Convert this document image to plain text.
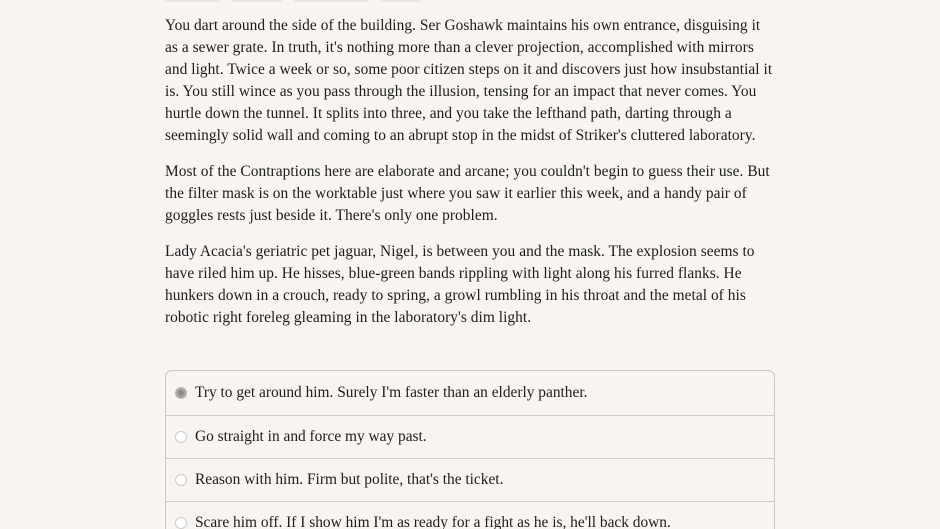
You dart around the side of the building. Ser Goshawk maintains his own entrance, disguising it as a sewer grate. In truth, it's nothing more than a clever projection, accomplished with mirrors and light. Twice a week or so, some poor citizen steps on it and discovers just how insubstantial it is. You still wince as you pass through the illusion, tensing for an impact that never comes. You hurtle down the tunnel. It splits into three, and you take the lefthand path, darting through a seemingly solid wall and coming to an abrupt stop in the midst of Striker's cluttered laboratory.

Most of the Contraptions here are elaborate and arcane; you couldn't begin to guess their use. But the filter mask is on the worktable just where you saw it earlier this week, and a handy pair of goggles rests just beside it. There's only one problem.

Lady Acacia's geriatric pet jaguar, Nigel, is between you and the mask. The explosion seems to have riled him up. He hisses, blue-green bands rippling with light along his furred flanks. He hunkers down in a crouch, ready to spring, a growl rumbling in his throat and the metal of his robotic right foreleg gleaming in the laboratory's dim light.

Try to get around him. Surely I'm faster than an elderly panther.
Go straight in and force my way past.
Reason with him. Firm but polite, that's the ticket.
Scare him off. If I show him I'm as ready for a fight as he is, he'll back down.
